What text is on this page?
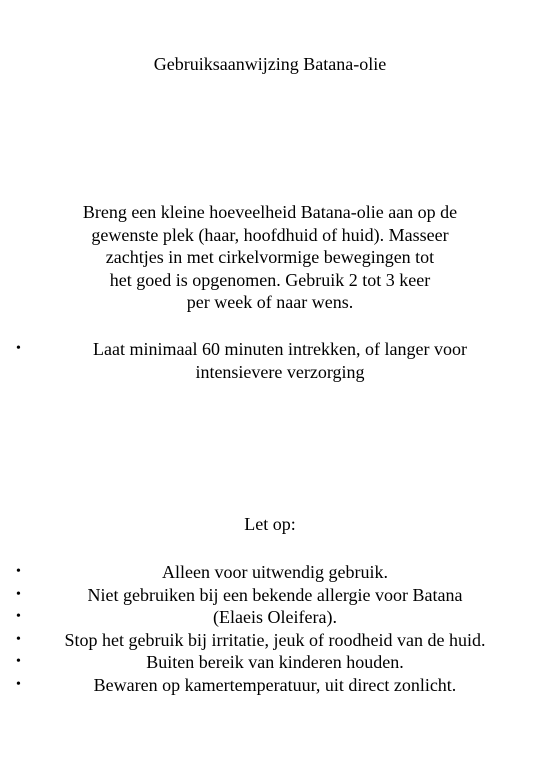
Gebruiksaanwijzing Batana-olie
Breng een kleine hoeveelheid Batana-olie aan op de
gewenste plek (haar, hoofdhuid of huid). Masseer
zachtjes in met cirkelvormige bewegingen tot
het goed is opgenomen. Gebruik 2 tot 3 keer
per week of naar wens.
•	Laat minimaal 60 minuten intrekken, of langer voor
intensievere verzorging
Let op:
•	Alleen voor uitwendig gebruik.
•	Niet gebruiken bij een bekende allergie voor Batana
•	(Elaeis Oleifera).
•	Stop het gebruik bij irritatie, jeuk of roodheid van de huid.
•	Buiten bereik van kinderen houden.
•	Bewaren op kamertemperatuur, uit direct zonlicht.
